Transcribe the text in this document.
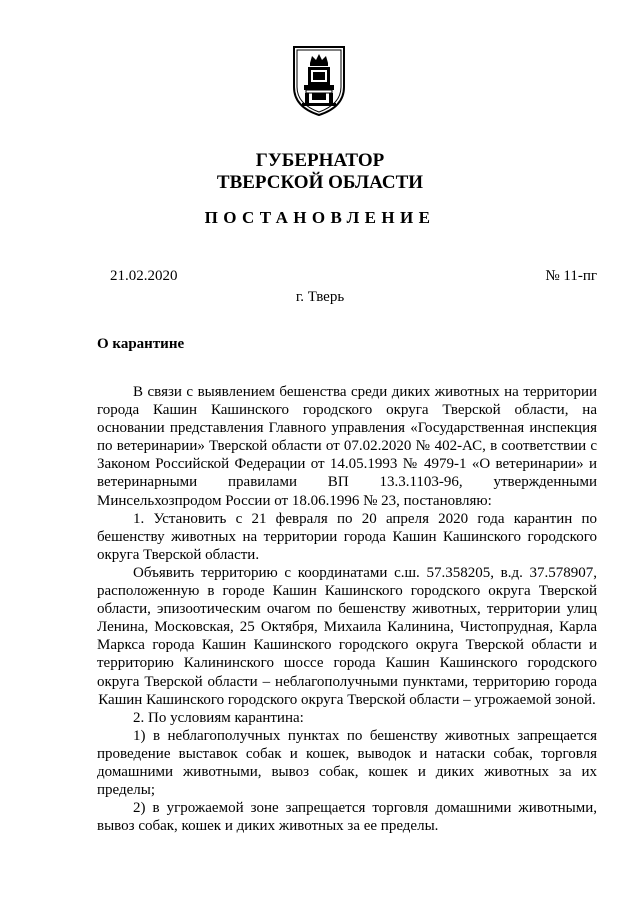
ГУБЕРНАТОР
ТВЕРСКОЙ ОБЛАСТИ
ПОСТАНОВЛЕНИЕ
21.02.2020	№ 11-пг
г. Тверь
О карантине

В связи с выявлением бешенства среди диких животных на территории города Кашин Кашинского городского округа Тверской области, на основании представления Главного управления «Государственная инспекция по ветеринарии» Тверской области от 07.02.2020 № 402-АС, в соответствии с Законом Российской Федерации от 14.05.1993 № 4979-1 «О ветеринарии» и ветеринарными правилами ВП 13.3.1103-96, утвержденными Минсельхозпродом России от 18.06.1996 № 23, постановляю:

1. Установить с 21 февраля по 20 апреля 2020 года карантин по бешенству животных на территории города Кашин Кашинского городского округа Тверской области.

Объявить территорию с координатами с.ш. 57.358205, в.д. 37.578907, расположенную в городе Кашин Кашинского городского округа Тверской области, эпизоотическим очагом по бешенству животных, территории улиц Ленина, Московская, 25 Октября, Михаила Калинина, Чистопрудная, Карла Маркса города Кашин Кашинского городского округа Тверской области и территорию Калининского шоссе города Кашин Кашинского городского округа Тверской области – неблагополучными пунктами, территорию города Кашин Кашинского городского округа Тверской области – угрожаемой зоной.

2. По условиям карантина:

1) в неблагополучных пунктах по бешенству животных запрещается проведение выставок собак и кошек, выводок и натаски собак, торговля домашними животными, вывоз собак, кошек и диких животных за их пределы;

2) в угрожаемой зоне запрещается торговля домашними животными, вывоз собак, кошек и диких животных за ее пределы.
